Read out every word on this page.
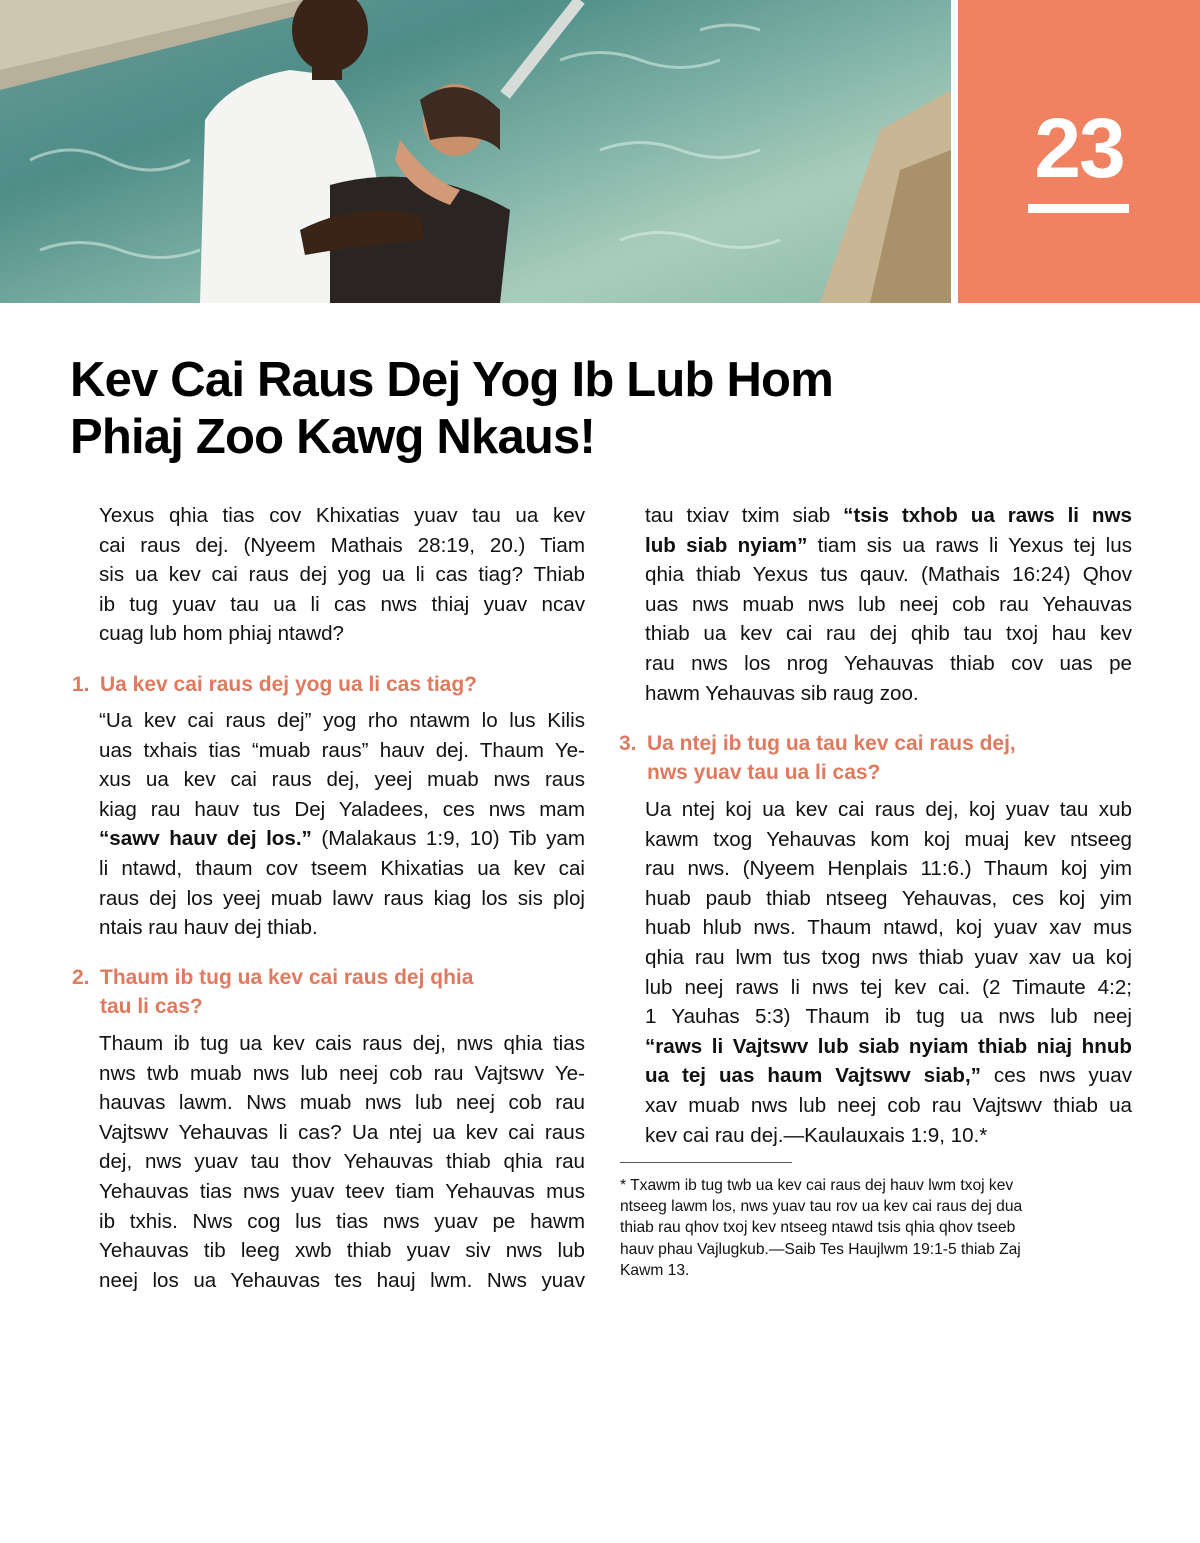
23
Kev Cai Raus Dej Yog Ib Lub Hom
Phiaj Zoo Kawg Nkaus!
Yexus qhia tias cov Khixatias yuav tau ua kev
cai raus dej. (Nyeem Mathais 28:19, 20.) Tiam
sis ua kev cai raus dej yog ua li cas tiag? Thiab
ib tug yuav tau ua li cas nws thiaj yuav ncav
cuag lub hom phiaj ntawd?
1. Ua kev cai raus dej yog ua li cas tiag?
“Ua kev cai raus dej” yog rho ntawm lo lus Kilis
uas txhais tias “muab raus” hauv dej. Thaum Ye-
xus ua kev cai raus dej, yeej muab nws raus
kiag rau hauv tus Dej Yaladees, ces nws mam
“sawv hauv dej los.” (Malakaus 1:9, 10) Tib yam
li ntawd, thaum cov tseem Khixatias ua kev cai
raus dej los yeej muab lawv raus kiag los sis ploj
ntais rau hauv dej thiab.
2. Thaum ib tug ua kev cai raus dej qhia
tau li cas?
Thaum ib tug ua kev cais raus dej, nws qhia tias
nws twb muab nws lub neej cob rau Vajtswv Ye-
hauvas lawm. Nws muab nws lub neej cob rau
Vajtswv Yehauvas li cas? Ua ntej ua kev cai raus
dej, nws yuav tau thov Yehauvas thiab qhia rau
Yehauvas tias nws yuav teev tiam Yehauvas mus
ib txhis. Nws cog lus tias nws yuav pe hawm
Yehauvas tib leeg xwb thiab yuav siv nws lub
neej los ua Yehauvas tes hauj lwm. Nws yuav
tau txiav txim siab “tsis txhob ua raws li nws
lub siab nyiam” tiam sis ua raws li Yexus tej lus
qhia thiab Yexus tus qauv. (Mathais 16:24) Qhov
uas nws muab nws lub neej cob rau Yehauvas
thiab ua kev cai rau dej qhib tau txoj hau kev
rau nws los nrog Yehauvas thiab cov uas pe
hawm Yehauvas sib raug zoo.
3. Ua ntej ib tug ua tau kev cai raus dej,
nws yuav tau ua li cas?
Ua ntej koj ua kev cai raus dej, koj yuav tau xub
kawm txog Yehauvas kom koj muaj kev ntseeg
rau nws. (Nyeem Henplais 11:6.) Thaum koj yim
huab paub thiab ntseeg Yehauvas, ces koj yim
huab hlub nws. Thaum ntawd, koj yuav xav mus
qhia rau lwm tus txog nws thiab yuav xav ua koj
lub neej raws li nws tej kev cai. (2 Timaute 4:2;
1 Yauhas 5:3) Thaum ib tug ua nws lub neej
“raws li Vajtswv lub siab nyiam thiab niaj hnub
ua tej uas haum Vajtswv siab,” ces nws yuav
xav muab nws lub neej cob rau Vajtswv thiab ua
kev cai rau dej.—Kaulauxais 1:9, 10.*
* Txawm ib tug twb ua kev cai raus dej hauv lwm txoj kev
ntseeg lawm los, nws yuav tau rov ua kev cai raus dej dua
thiab rau qhov txoj kev ntseeg ntawd tsis qhia qhov tseeb
hauv phau Vajlugkub.—Saib Tes Haujlwm 19:1-5 thiab Zaj
Kawm 13.
